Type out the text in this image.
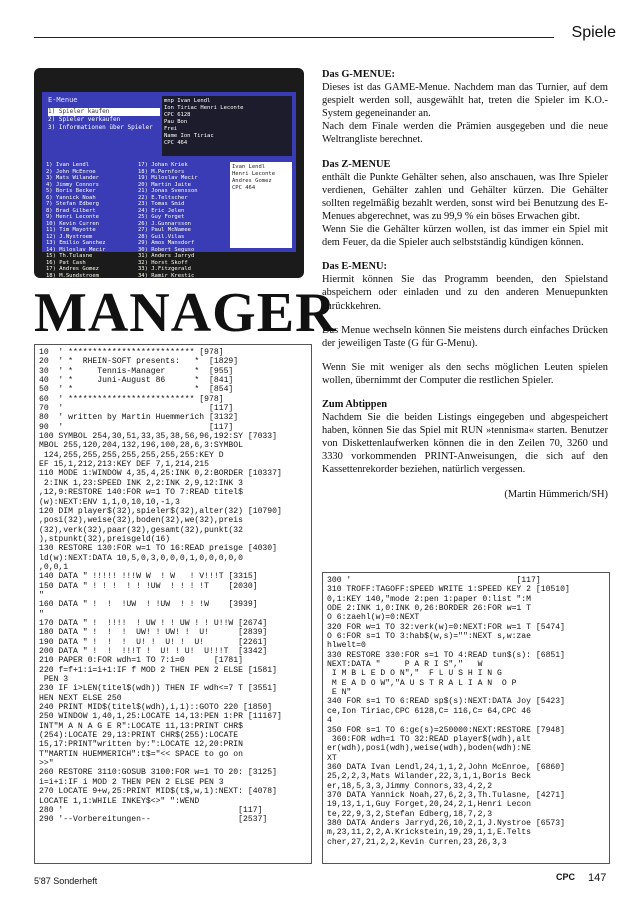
Spiele
E-Menue
1) Spieler kaufen
2) Spieler verkaufen
3) Informationen über Spieler
mnp Ivan Lendl
Ion Tiriac Henri Leconte
CPC 6128
Pau Bon
Frei
Name Ion Tiriac
CPC 464
1) Ivan Lendl
2) John McEnroe
3) Mats Wilander
4) Jimmy Connors
5) Boris Becker
6) Yannick Noah
7) Stefan Edberg
8) Brad Gilbert
9) Henri Leconte
10) Kevin Curren
11) Tim Mayotte
12) J.Nystroem
13) Emilio Sanchez
14) Miloslav Mecir
15) Th.Tulasne
16) Pat Cash
17) Andres Gomez
18) M.Sundstroem
17) Johan Kriek
18) M.Pernfors
19) Miloslav Mecir
20) Martin Jaite
21) Jonas Svensson
22) E.Teltscher
23) Tomas Smid
24) Eric Jelen
25) Guy Forget
26) J.Gunnarsson
27) Paul McNamee
28) Guil.Vilas
29) Amos Mansdorf
30) Robert Seguso
31) Anders Jarryd
32) Horst Skoff
33) J.Fitzgerald
34) Ramir Krestic
Ivan Lendl
Henri Leconte
Andres Gomez
CPC 464
MANAGER
10  ' ************************** [978]
20  ' *  RHEIN-SOFT presents:   *  [1829]
30  ' *     Tennis-Manager      *  [955]
40  ' *     Juni-August 86      *  [841]
50  ' *                         *  [854]
60  ' ************************** [978]
70  '                              [117]
80  ' written by Martin Huemmerich [3132]
90  '                              [117]
100 SYMBOL 254,30,51,33,35,38,56,96,192:SY [7033]
MBOL 255,120,204,132,196,100,28,6,3:SYMBOL
124,255,255,255,255,255,255,255:KEY D
EF 15,1,212,213:KEY DEF 7,1,214,215
110 MODE 1:WINDOW 4,35,4,25:INK 0,2:BORDER [10337]
2:INK 1,23:SPEED INK 2,2:INK 2,9,12:INK 3
,12,9:RESTORE 140:FOR w=1 TO 7:READ titel$
(w):NEXT:ENV 1,1,0,10,10,-1,3
120 DIM player$(32),spieler$(32),alter(32) [10790]
,posi(32),weise(32),boden(32),we(32),preis
(32),verk(32),paar(32),gesamt(32),punkt(32
),stpunkt(32),preisgeld(16)
130 RESTORE 130:FOR w=1 TO 16:READ preisge [4030]
ld(w):NEXT:DATA 10,5,0,3,0,0,0,1,0,0,0,0,0
,0,0,1
140 DATA " !!!!! !!!W W  ! W   ! V!!!T [3315]
150 DATA " ! ! !  ! ! !UW  ! ! ! !T    [2030]
"
160 DATA " !  !  !UW  ! !UW  ! ! !W    [3939]
"
170 DATA " !  !!!!  ! UW ! ! UW ! ! U!!W [2674]
180 DATA " !  !  !  UW! ! UW! !  U!      [2839]
190 DATA " !  !  !  U! !  U! !  U!       [2261]
200 DATA " !  !  !!!T !  U! ! U!  U!!!T  [3342]
210 PAPER 0:FOR wdh=1 TO 7:i=0      [1781]
220 f=f+1:i=i+1:IF f MOD 2 THEN PEN 2 ELSE [1581]
PEN 3
230 IF i>LEN(titel$(wdh)) THEN IF wdh<=7 T [3551]
HEN NEXT ELSE 250
240 PRINT MID$(titel$(wdh),i,1)::GOTO 220 [1850]
250 WINDOW 1,40,1,25:LOCATE 14,13:PEN 1:PR [11167]
INT"M A N A G E R":LOCATE 11,13:PRINT CHR$
(254):LOCATE 29,13:PRINT CHR$(255):LOCATE
15,17:PRINT"written by:":LOCATE 12,20:PRIN
T"MARTIN HUEMMERICH":t$="<< SPACE to go on
>>"
260 RESTORE 3110:GOSUB 3100:FOR w=1 TO 20: [3125]
i=i+1:IF i MOD 2 THEN PEN 2 ELSE PEN 3
270 LOCATE 9+w,25:PRINT MID$(t$,w,1):NEXT: [4078]
LOCATE 1,1:WHILE INKEY$<>" ":WEND
280 '                                    [117]
290 '--Vorbereitungen--                  [2537]
Das G-MENUE:

Dieses ist das GAME-Menue. Nachdem man das Turnier, auf dem gespielt werden soll, ausgewählt hat, treten die Spieler im K.O.-System gegeneinander an.

Nach dem Finale werden die Prämien ausgegeben und die neue Weltrangliste berechnet.

Das Z-MENUE

enthält die Punkte Gehälter sehen, also anschauen, was Ihre Spieler verdienen, Gehälter zahlen und Gehälter kürzen. Die Gehälter sollten regelmäßig bezahlt werden, sonst wird bei Benutzung des E-Menues abgerechnet, was zu 99,9 % ein böses Erwachen gibt.

Wenn Sie die Gehälter kürzen wollen, ist das immer ein Spiel mit dem Feuer, da die Spieler auch selbstständig kündigen können.

Das E-MENU:

Hiermit können Sie das Programm beenden, den Spielstand abspeichern oder einladen und zu den anderen Menuepunkten zurückkehren.

Das Menue wechseln können Sie meistens durch einfaches Drücken der jeweiligen Taste (G für G-Menu).

Wenn Sie mit weniger als den sechs möglichen Leuten spielen wollen, übernimmt der Computer die restlichen Spieler.

Zum Abtippen

Nachdem Sie die beiden Listings eingegeben und abgespeichert haben, können Sie das Spiel mit RUN »tennisma« starten. Benutzer von Diskettenlaufwerken können die in den Zeilen 70, 3260 und 3330 vorkommenden PRINT-Anweisungen, die sich auf den Kassettenrekorder beziehen, natürlich vergessen.

(Martin Hümmerich/SH)

300 '                                  [117]
310 TROFF:TAGOFF:SPEED WRITE 1:SPEED KEY 2 [10510]
0,1:KEY 140,"mode 2:pen 1:paper 0:list ":M
ODE 2:INK 1,0:INK 0,26:BORDER 26:FOR w=1 T
O 6:zaehl(w)=0:NEXT
320 FOR w=1 TO 32:verk(w)=0:NEXT:FOR w=1 T [5474]
O 6:FOR s=1 TO 3:hab$(w,s)="":NEXT s,w:zae
hlwelt=0
330 RESTORE 330:FOR s=1 TO 4:READ tun$(s): [6851]
NEXT:DATA "     P A R I S","   W
I M B L E D O N","  F L U S H I N G
M E A D O W","A U S T R A L I A N  O P
E N"
340 FOR s=1 TO 6:READ sp$(s):NEXT:DATA Joy [5423]
ce,Ion Tiriac,CPC 6128,C= 116,C= 64,CPC 46
4
350 FOR s=1 TO 6:gє(s)=250000:NEXT:RESTORE [7948]
360:FOR wdh=1 TO 32:READ player$(wdh),alt
er(wdh),posi(wdh),weise(wdh),boden(wdh):NE
XT
360 DATA Ivan Lendl,24,1,1,2,John McEnroe, [6860]
25,2,2,3,Mats Wilander,22,3,1,1,Boris Beck
er,18,5,3,3,Jimmy Connors,33,4,2,2
370 DATA Yannick Noah,27,6,2,3,Th.Tulasne, [4271]
19,13,1,1,Guy Forget,20,24,2,1,Henri Lecon
te,22,9,3,2,Stefan Edberg,18,7,2,3
380 DATA Anders Jarryd,26,10,2,1,J.Nystroe [6573]
m,23,11,2,2,A.Krickstein,19,29,1,1,E.Telts
cher,27,21,2,2,Kevin Curren,23,26,3,3
5'87 Sonderheft	CPC 147
